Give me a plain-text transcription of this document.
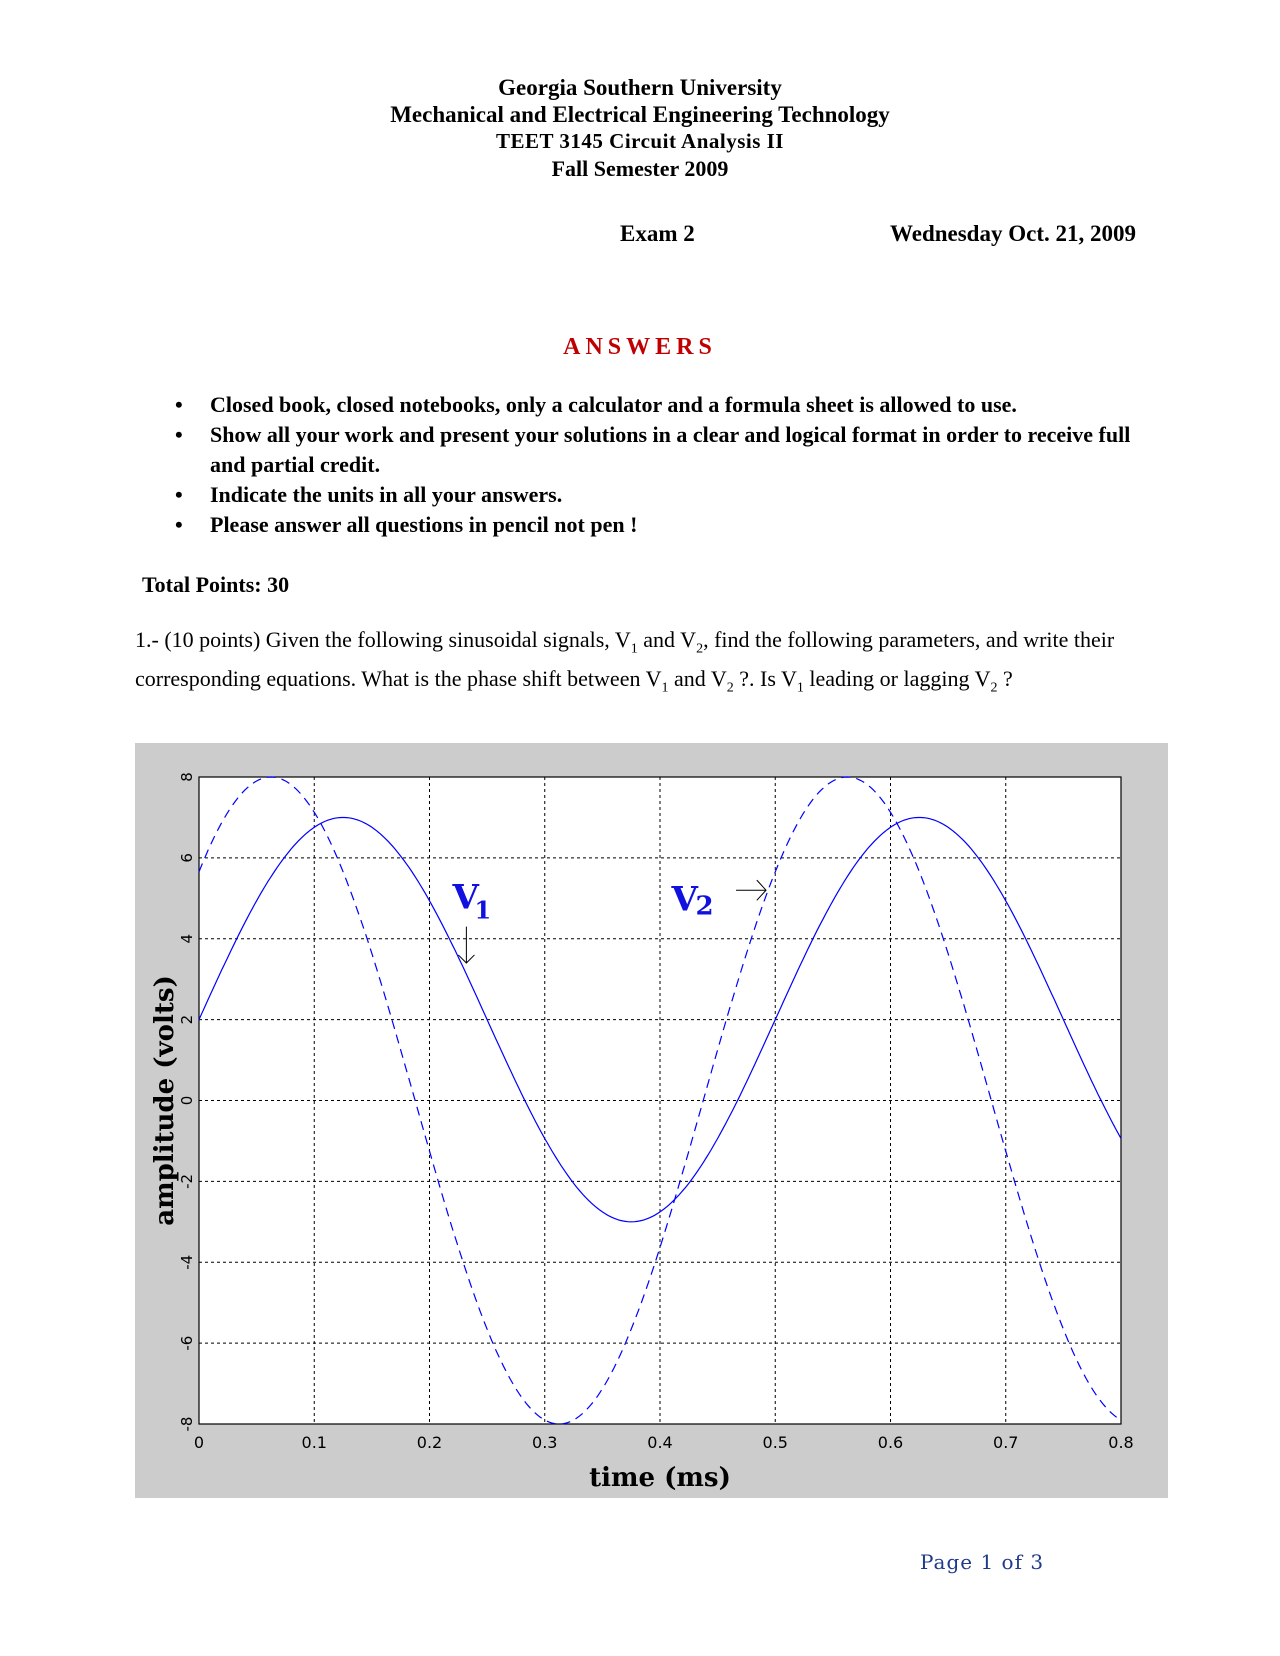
Georgia Southern University
Mechanical and Electrical Engineering Technology
TEET 3145 Circuit Analysis II
Fall Semester 2009
Exam 2	Wednesday Oct. 21, 2009
ANSWERS
• Closed book, closed notebooks, only a calculator and a formula sheet is allowed to use.
• Show all your work and present your solutions in a clear and logical format in order to receive full and partial credit.
• Indicate the units in all your answers.
• Please answer all questions in pencil not pen !
Total Points: 30
1.- (10 points) Given the following sinusoidal signals, $V_1$ and $V_2$, find the following parameters, and write their corresponding equations. What is the phase shift between $V_1$ and $V_2$ ?. Is $V_1$ leading or lagging $V_2$ ?
0	0.1	0.2	0.3	0.4	0.5	0.6	0.7	0.8
8
6
4
2
0
-2
-4
-6
-8
V
1	V
2
time (ms)
amplitude (volts)
Page 1 of 3
